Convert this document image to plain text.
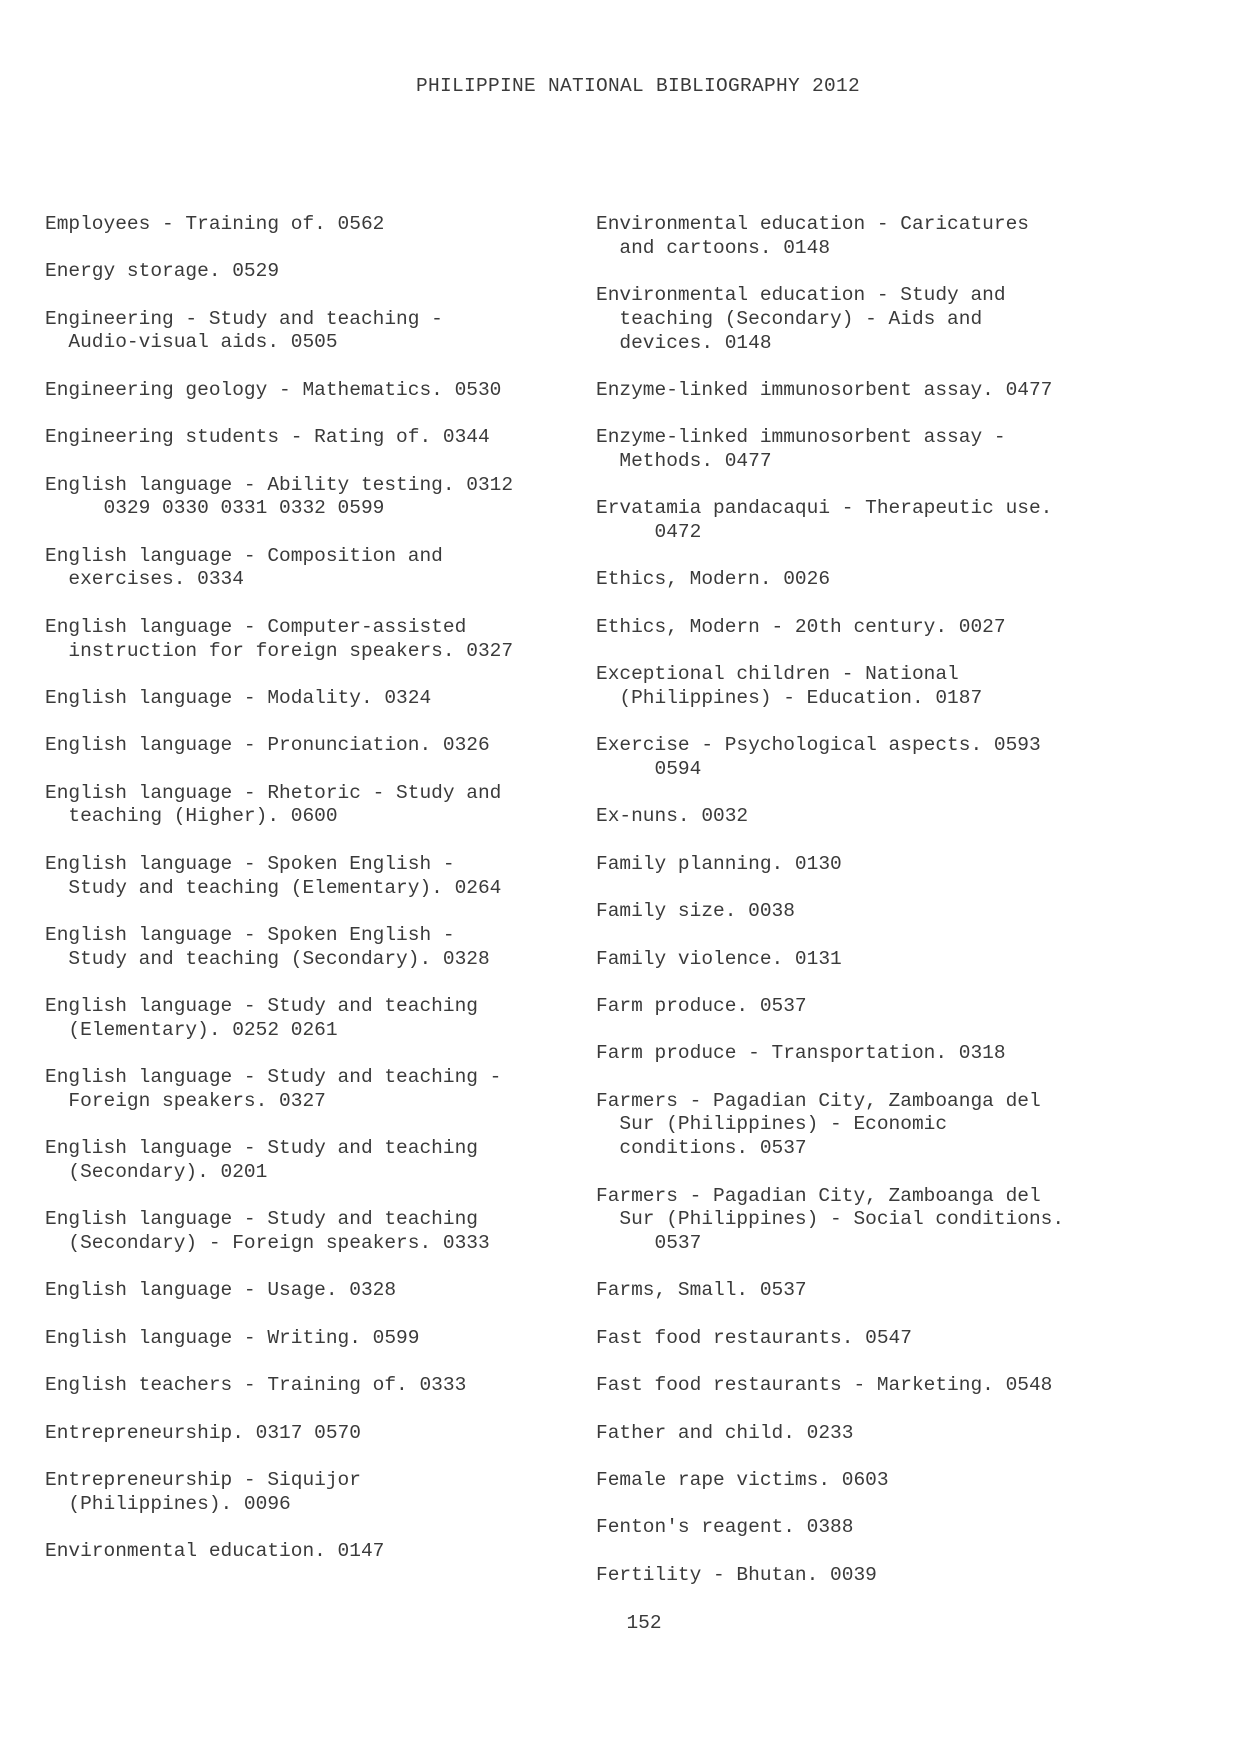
PHILIPPINE NATIONAL BIBLIOGRAPHY 2012
Employees - Training of. 0562
Energy storage. 0529
Engineering - Study and teaching -
Audio-visual aids. 0505
Engineering geology - Mathematics. 0530
Engineering students - Rating of. 0344
English language - Ability testing. 0312
0329 0330 0331 0332 0599
English language - Composition and
exercises. 0334
English language - Computer-assisted
instruction for foreign speakers. 0327
English language - Modality. 0324
English language - Pronunciation. 0326
English language - Rhetoric - Study and
teaching (Higher). 0600
English language - Spoken English -
Study and teaching (Elementary). 0264
English language - Spoken English -
Study and teaching (Secondary). 0328
English language - Study and teaching
(Elementary). 0252 0261
English language - Study and teaching -
Foreign speakers. 0327
English language - Study and teaching
(Secondary). 0201
English language - Study and teaching
(Secondary) - Foreign speakers. 0333
English language - Usage. 0328
English language - Writing. 0599
English teachers - Training of. 0333
Entrepreneurship. 0317 0570
Entrepreneurship - Siquijor
(Philippines). 0096
Environmental education. 0147
Environmental education - Caricatures
and cartoons. 0148
Environmental education - Study and
teaching (Secondary) - Aids and
devices. 0148
Enzyme-linked immunosorbent assay. 0477
Enzyme-linked immunosorbent assay -
Methods. 0477
Ervatamia pandacaqui - Therapeutic use.
0472
Ethics, Modern. 0026
Ethics, Modern - 20th century. 0027
Exceptional children - National
(Philippines) - Education. 0187
Exercise - Psychological aspects. 0593
0594
Ex-nuns. 0032
Family planning. 0130
Family size. 0038
Family violence. 0131
Farm produce. 0537
Farm produce - Transportation. 0318
Farmers - Pagadian City, Zamboanga del
Sur (Philippines) - Economic
conditions. 0537
Farmers - Pagadian City, Zamboanga del
Sur (Philippines) - Social conditions.
0537
Farms, Small. 0537
Fast food restaurants. 0547
Fast food restaurants - Marketing. 0548
Father and child. 0233
Female rape victims. 0603
Fenton's reagent. 0388
Fertility - Bhutan. 0039
152
